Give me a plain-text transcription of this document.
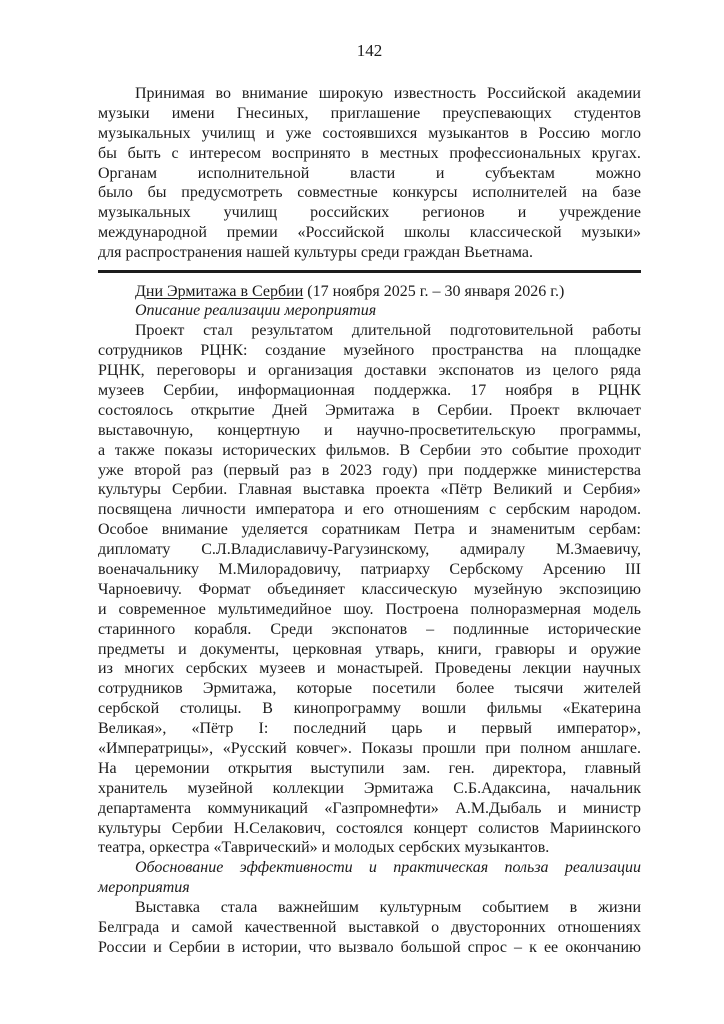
142
Принимая во внимание широкую известность Российской академии
музыки имени Гнесиных, приглашение преуспевающих студентов
музыкальных училищ и уже состоявшихся музыкантов в Россию могло
бы быть с интересом воспринято в местных профессиональных кругах.
Органам	исполнительной	власти	и	субъектам	можно
было бы предусмотреть совместные конкурсы исполнителей на базе
музыкальных училищ российских регионов и учреждение
международной премии «Российской школы классической музыки»
для распространения нашей культуры среди граждан Вьетнама.
Дни Эрмитажа в Сербии (17 ноября 2025 г. – 30 января 2026 г.)
Описание реализации мероприятия
Проект стал результатом длительной подготовительной работы
сотрудников РЦНК: создание музейного пространства на площадке
РЦНК, переговоры и организация доставки экспонатов из целого ряда
музеев Сербии, информационная поддержка. 17 ноября в РЦНК
состоялось открытие Дней Эрмитажа в Сербии. Проект включает
выставочную, концертную и научно-просветительскую программы,
а также показы исторических фильмов. В Сербии это событие проходит
уже второй раз (первый раз в 2023 году) при поддержке министерства
культуры Сербии. Главная выставка проекта «Пётр Великий и Сербия»
посвящена личности императора и его отношениям с сербским народом.
Особое внимание уделяется соратникам Петра и знаменитым сербам:
дипломату С.Л.Владиславичу-Рагузинскому, адмиралу М.Змаевичу,
военачальнику М.Милорадовичу, патриарху Сербскому Арсению III
Чарноевичу. Формат объединяет классическую музейную экспозицию
и современное мультимедийное шоу. Построена полноразмерная модель
старинного корабля. Среди экспонатов – подлинные исторические
предметы и документы, церковная утварь, книги, гравюры и оружие
из многих сербских музеев и монастырей. Проведены лекции научных
сотрудников Эрмитажа, которые посетили более тысячи жителей
сербской столицы. В кинопрограмму вошли фильмы «Екатерина
Великая», «Пётр I: последний царь и первый император»,
«Императрицы», «Русский ковчег». Показы прошли при полном аншлаге.
На церемонии открытия выступили зам. ген. директора, главный
хранитель музейной коллекции Эрмитажа С.Б.Адаксина, начальник
департамента коммуникаций «Газпромнефти» А.М.Дыбаль и министр
культуры Сербии Н.Селакович, состоялся концерт солистов Мариинского
театра, оркестра «Таврический» и молодых сербских музыкантов.
Обоснование эффективности и практическая польза реализации
мероприятия
Выставка стала важнейшим культурным событием в жизни
Белграда и самой качественной выставкой о двусторонних отношениях
России и Сербии в истории, что вызвало большой спрос – к ее окончанию
